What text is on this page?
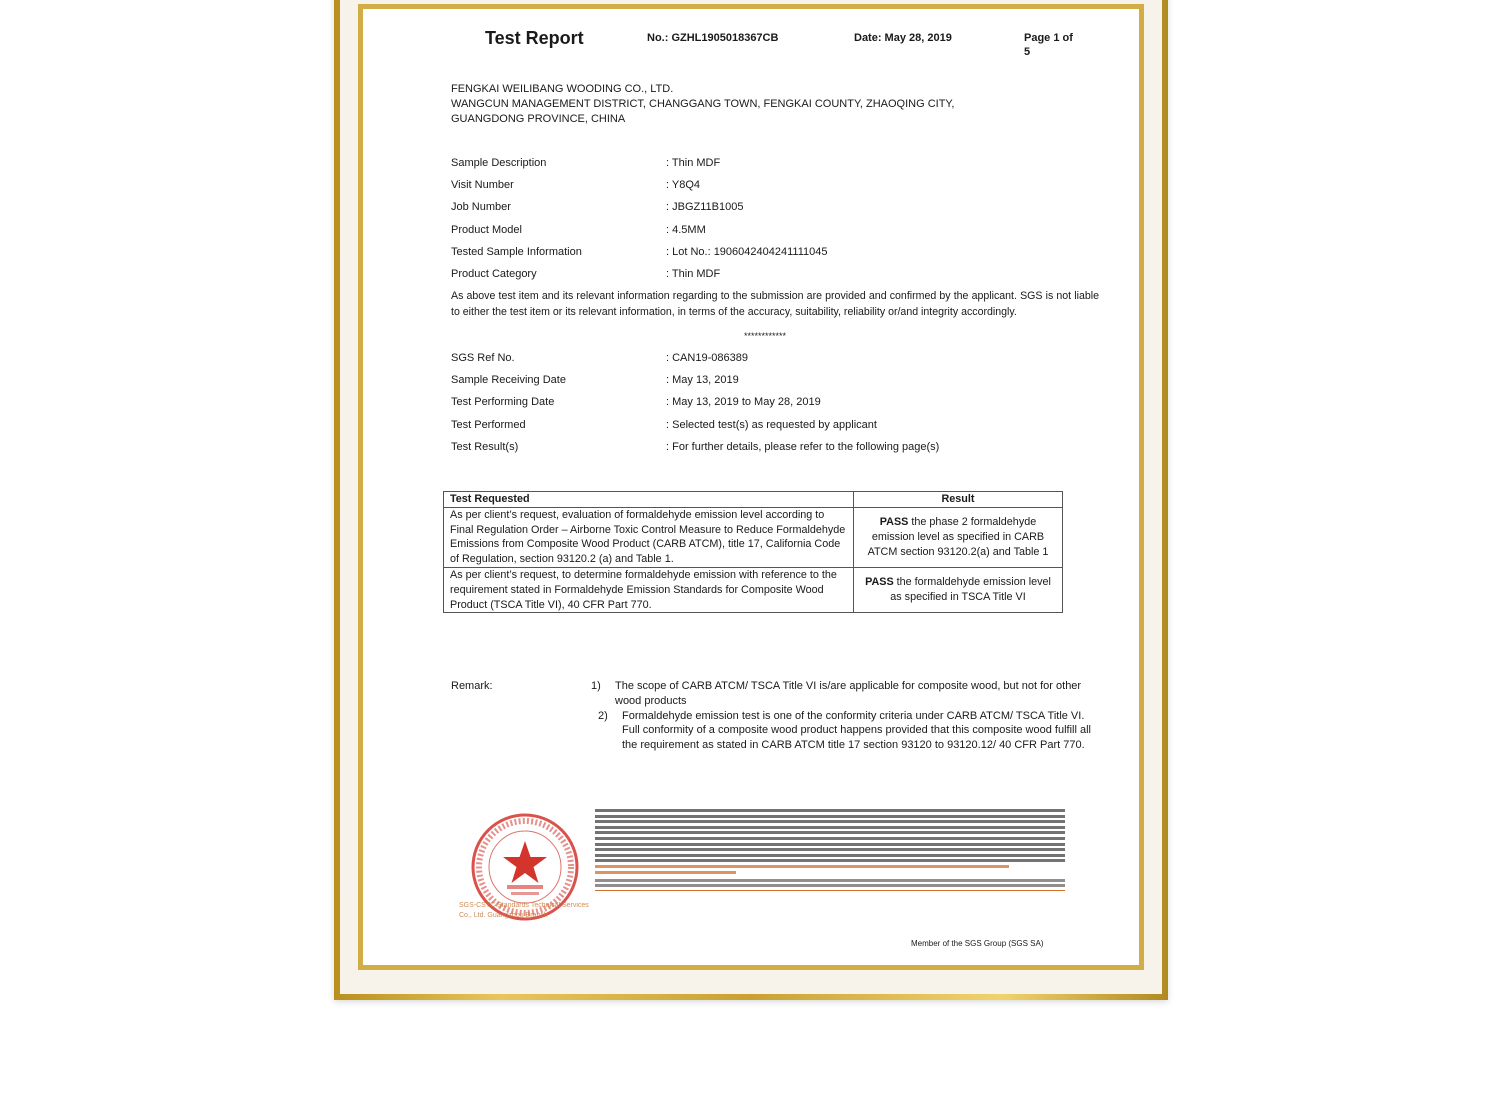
Test Report	No.: GZHL1905018367CB	Date: May 28, 2019	Page 1 of 5
FENGKAI WEILIBANG WOODING CO., LTD.
WANGCUN MANAGEMENT DISTRICT, CHANGGANG TOWN, FENGKAI COUNTY, ZHAOQING CITY,
GUANGDONG PROVINCE, CHINA
Sample Description	: Thin MDF
Visit Number	: Y8Q4
Job Number	: JBGZ11B1005
Product Model	: 4.5MM
Tested Sample Information	: Lot No.: 1906042404241111045
Product Category	: Thin MDF
As above test item and its relevant information regarding to the submission are provided and confirmed by the applicant. SGS is not liable to either the test item or its relevant information, in terms of the accuracy, suitability, reliability or/and integrity accordingly.
************
SGS Ref No.	: CAN19-086389
Sample Receiving Date	: May 13, 2019
Test Performing Date	: May 13, 2019 to May 28, 2019
Test Performed	: Selected test(s) as requested by applicant
Test Result(s)	: For further details, please refer to the following page(s)
Test Requested	Result
As per client’s request, evaluation of formaldehyde emission level according to Final Regulation Order – Airborne Toxic Control Measure to Reduce Formaldehyde Emissions from Composite Wood Product (CARB ATCM), title 17, California Code of Regulation, section 93120.2 (a) and Table 1.	PASS the phase 2 formaldehyde emission level as specified in CARB ATCM section 93120.2(a) and Table 1
As per client’s request, to determine formaldehyde emission with reference to the requirement stated in Formaldehyde Emission Standards for Composite Wood Product (TSCA Title VI), 40 CFR Part 770.	PASS the formaldehyde emission level as specified in TSCA Title VI
Remark:	1) The scope of CARB ATCM/ TSCA Title VI is/are applicable for composite wood, but not for other wood products
2) Formaldehyde emission test is one of the conformity criteria under CARB ATCM/ TSCA Title VI. Full conformity of a composite wood product happens provided that this composite wood fulfill all the requirement as stated in CARB ATCM title 17 section 93120 to 93120.12/ 40 CFR Part 770.
SGS-CSTC Standards Technical Services Co., Ltd. Guangzhou Branch
Member of the SGS Group (SGS SA)
